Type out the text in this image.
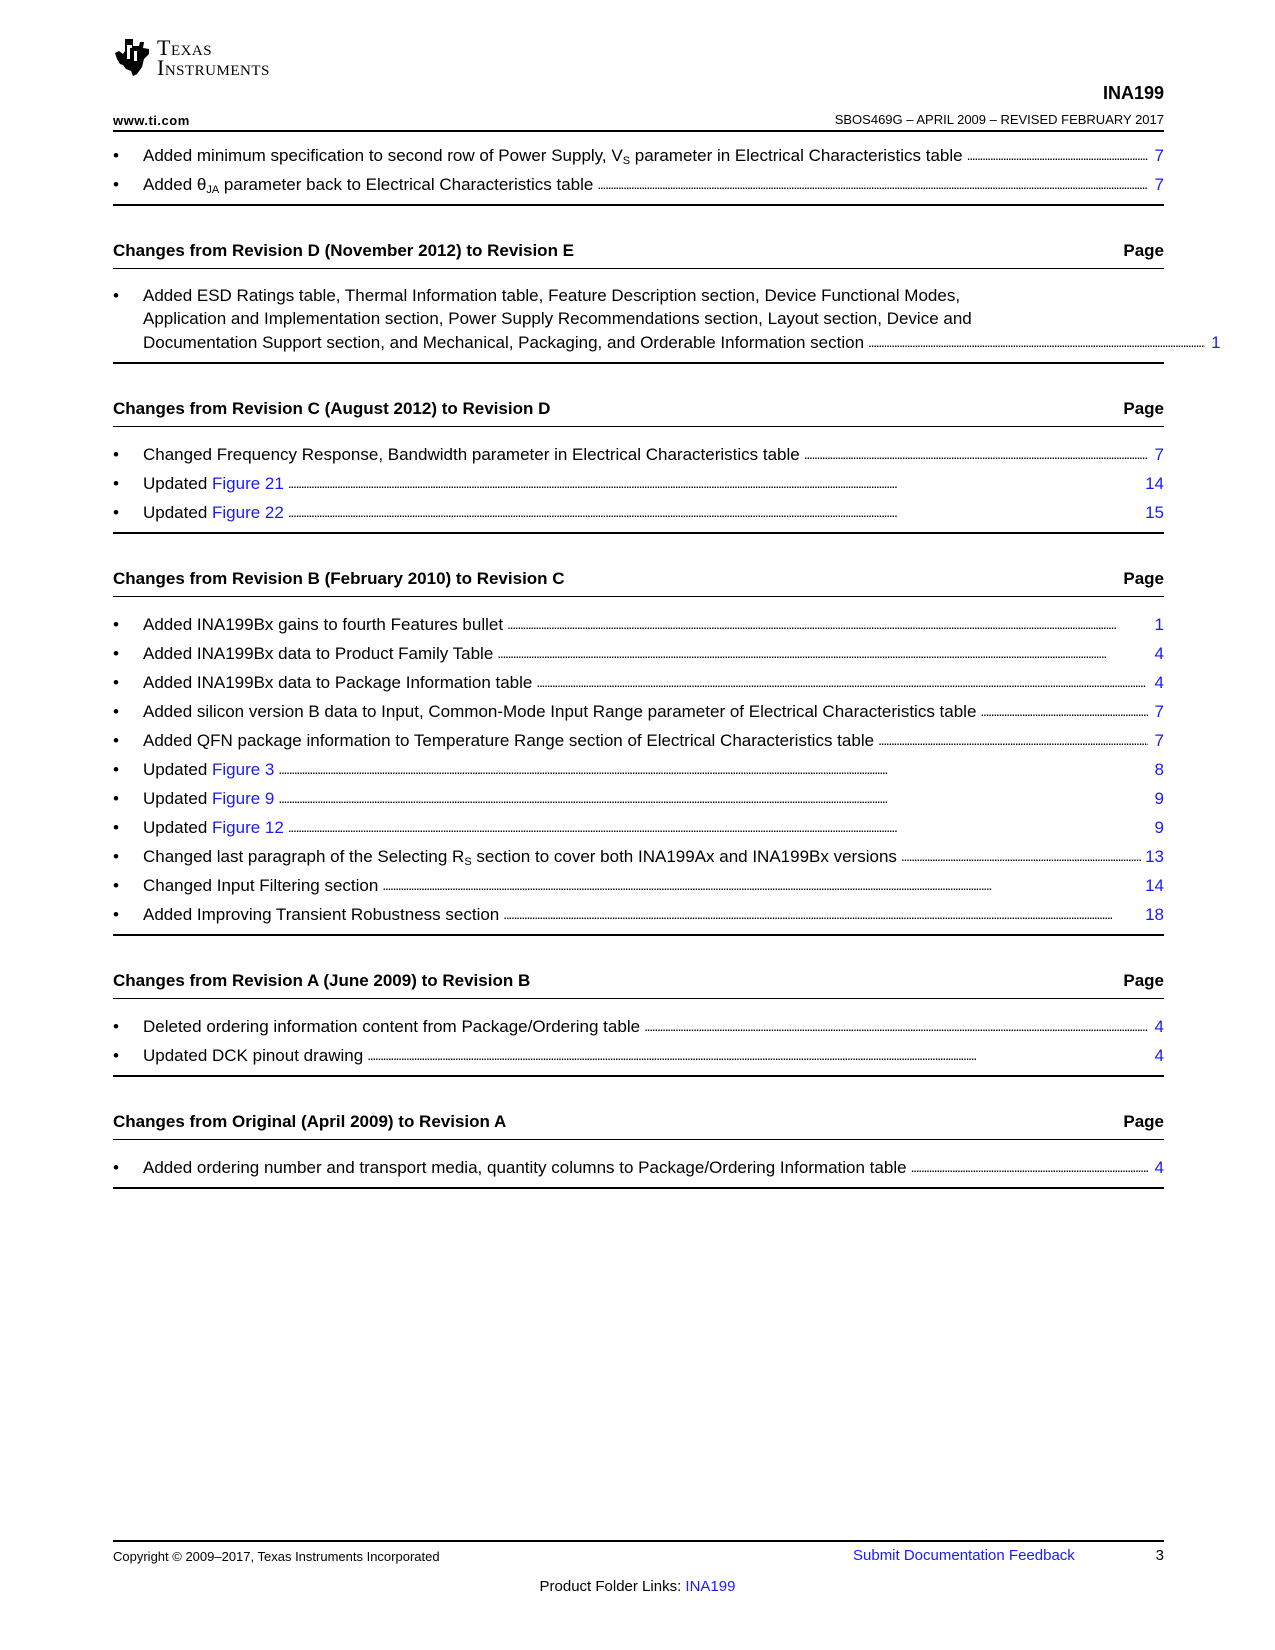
Texas
Instruments
INA199
www.ti.com	SBOS469G – APRIL 2009 – REVISED FEBRUARY 2017
•	Added minimum specification to second row of Power Supply, $V_S$ parameter in Electrical Characteristics table . . .	7
•	Added $\theta_{JA}$ parameter back to Electrical Characteristics table . . .	7
Changes from Revision D (November 2012) to Revision E	Page
•	Added ESD Ratings table, Thermal Information table, Feature Description section, Device Functional Modes,
Application and Implementation section, Power Supply Recommendations section, Layout section, Device and
Documentation Support section, and Mechanical, Packaging, and Orderable Information section . . .	1
Changes from Revision C (August 2012) to Revision D	Page
•	Changed Frequency Response, Bandwidth parameter in Electrical Characteristics table . . .	7
•	Updated Figure 21 . . .	14
•	Updated Figure 22 . . .	15
Changes from Revision B (February 2010) to Revision C	Page
•	Added INA199Bx gains to fourth Features bullet . . .	1
•	Added INA199Bx data to Product Family Table . . .	4
•	Added INA199Bx data to Package Information table . . .	4
•	Added silicon version B data to Input, Common-Mode Input Range parameter of Electrical Characteristics table . . .	7
•	Added QFN package information to Temperature Range section of Electrical Characteristics table . . .	7
•	Updated Figure 3 . . .	8
•	Updated Figure 9 . . .	9
•	Updated Figure 12 . . .	9
•	Changed last paragraph of the Selecting $R_S$ section to cover both INA199Ax and INA199Bx versions . . .	13
•	Changed Input Filtering section . . .	14
•	Added Improving Transient Robustness section . . .	18
Changes from Revision A (June 2009) to Revision B	Page
•	Deleted ordering information content from Package/Ordering table . . .	4
•	Updated DCK pinout drawing . . .	4
Changes from Original (April 2009) to Revision A	Page
•	Added ordering number and transport media, quantity columns to Package/Ordering Information table . . .	4
Copyright © 2009–2017, Texas Instruments Incorporated	Submit Documentation Feedback	3
Product Folder Links: INA199
